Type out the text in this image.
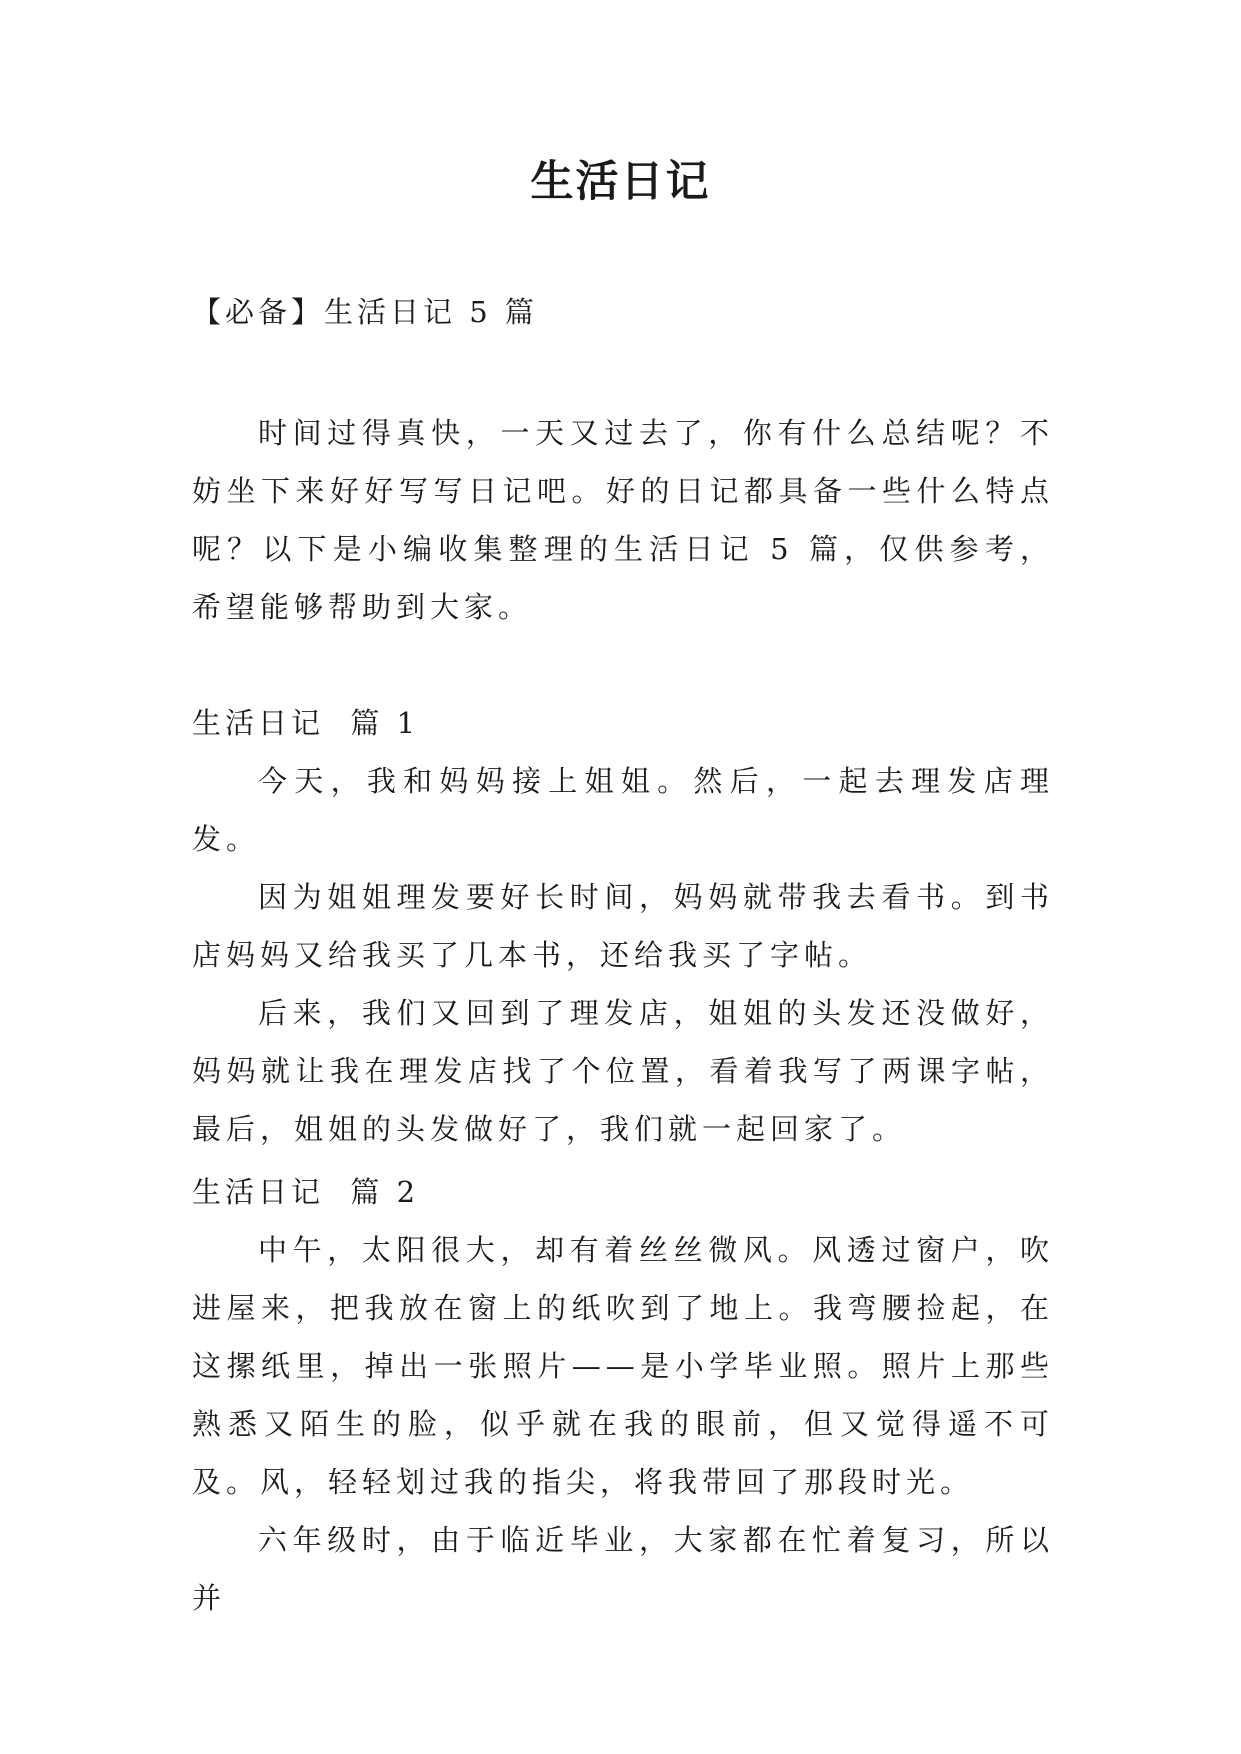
生活日记

【必备】生活日记 5 篇

时间过得真快，一天又过去了，你有什么总结呢？不妨坐下来好好写写日记吧。好的日记都具备一些什么特点呢？以下是小编收集整理的生活日记 5 篇，仅供参考，希望能够帮助到大家。

生活日记  篇 1

今天，我和妈妈接上姐姐。然后，一起去理发店理发。

因为姐姐理发要好长时间，妈妈就带我去看书。到书店妈妈又给我买了几本书，还给我买了字帖。

后来，我们又回到了理发店，姐姐的头发还没做好，妈妈就让我在理发店找了个位置，看着我写了两课字帖，最后，姐姐的头发做好了，我们就一起回家了。

生活日记  篇 2

中午，太阳很大，却有着丝丝微风。风透过窗户，吹进屋来，把我放在窗上的纸吹到了地上。我弯腰捡起，在这摞纸里，掉出一张照片——是小学毕业照。照片上那些熟悉又陌生的脸，似乎就在我的眼前，但又觉得遥不可及。风，轻轻划过我的指尖，将我带回了那段时光。

六年级时，由于临近毕业，大家都在忙着复习，所以并
